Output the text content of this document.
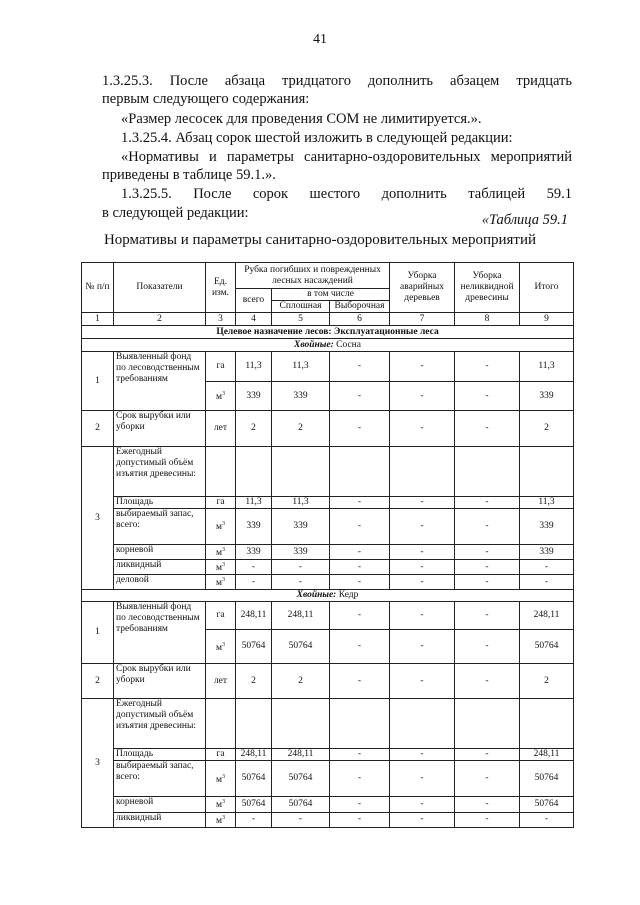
41
1.3.25.3. После абзаца тридцатого дополнить абзацем тридцать
первым следующего содержания:
«Размер лесосек для проведения СОМ не лимитируется.».
1.3.25.4. Абзац сорок шестой изложить в следующей редакции:
«Нормативы и параметры санитарно-оздоровительных мероприятий
приведены в таблице 59.1.».
1.3.25.5. После сорок шестого дополнить таблицей 59.1
в следующей редакции:	«Таблица 59.1
Нормативы и параметры санитарно-оздоровительных мероприятий
№ п/п	Показатели	Ед. изм.	Рубка погибших и поврежденных лесных насаждений			Уборка аварийных деревьев	Уборка неликвидной древесины	Итого
			всего	в том числе				
				Сплошная	Выборочная			
1	2	3	4	5	6	7	8	9
Целевое назначение лесов: Эксплуатационные леса								
Хвойные: Сосна								
1	Выявленный фонд по лесоводственным требованиям	га	11,3	11,3	-	-	-	11,3
		$м^3$	339	339	-	-	-	339
2	Срок вырубки или уборки	лет	2	2	-	-	-	2
3	Ежегодный допустимый объём изъятия древесины:							
	Площадь	га	11,3	11,3	-	-	-	11,3
	выбираемый запас, всего:	$м^3$	339	339	-	-	-	339
	корневой	$м^3$	339	339	-	-	-	339
	ликвидный	$м^3$	-	-	-	-	-	-
	деловой	$м^3$	-	-	-	-	-	-
Хвойные: Кедр								
1	Выявленный фонд по лесоводственным требованиям	га	248,11	248,11	-	-	-	248,11
		$м^3$	50764	50764	-	-	-	50764
2	Срок вырубки или уборки	лет	2	2	-	-	-	2
3	Ежегодный допустимый объём изъятия древесины:							
	Площадь	га	248,11	248,11	-	-	-	248,11
	выбираемый запас, всего:	$м^3$	50764	50764	-	-	-	50764
	корневой	$м^3$	50764	50764	-	-	-	50764
	ликвидный	$м^3$	-	-	-	-	-	-
